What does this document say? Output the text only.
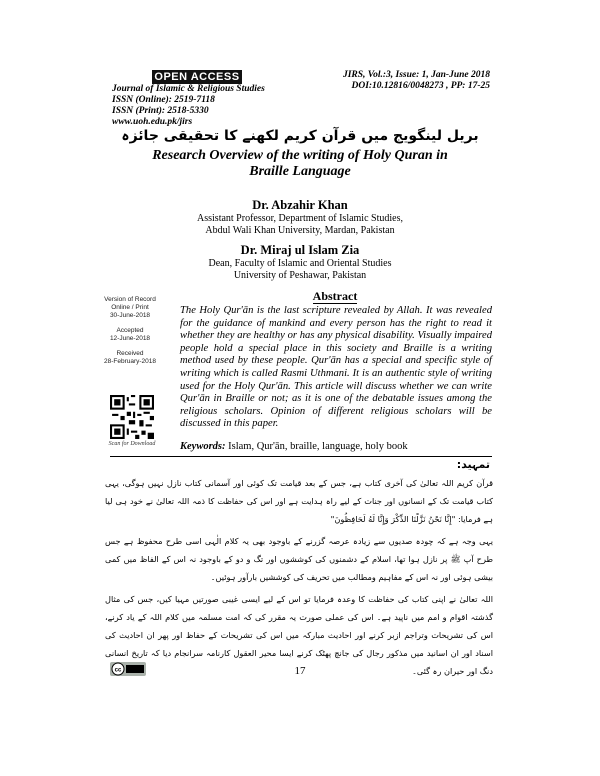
OPEN ACCESS
Journal of Islamic & Religious Studies
ISSN (Online): 2519-7118
ISSN (Print): 2518-5330
www.uoh.edu.pk/jirs
JIRS, Vol.:3, Issue: 1, Jan-June 2018
DOI:10.12816/0048273 , PP: 17-25
بریل لینگویج میں قرآن کریم لکھنے کا تحقیقی جائزہ
Research Overview of the writing of Holy Quran in
Braille Language
Dr. Abzahir Khan
Assistant Professor, Department of Islamic Studies,
Abdul Wali Khan University, Mardan, Pakistan
Dr. Miraj ul Islam Zia
Dean, Faculty of Islamic and Oriental Studies
University of Peshawar, Pakistan
Version of Record
Online / Print
30-June-2018
Accepted
12-June-2018
Received
28-February-2018
Scan for Download
Abstract
The Holy Qur'ān is the last scripture revealed by Allah. It was revealed for the guidance of mankind and every person has the right to read it whether they are healthy or has any physical disability. Visually impaired people hold a special place in this society and Braille is a writing method used by these people. Qur'ān has a special and specific style of writing which is called Rasmi Uthmani. It is an authentic style of writing used for the Holy Qur'ān. This article will discuss whether we can write Qur'ān in Braille or not; as it is one of the debatable issues among the religious scholars. Opinion of different religious scholars will be discussed in this paper.
Keywords: Islam, Qur'ān, braille, language, holy book
تمہید:
قرآن کریم اللہ تعالیٰ کی آخری کتاب ہے، جس کے بعد قیامت تک کوئی اور آسمانی کتاب نازل نہیں ہوگی، یہی کتاب قیامت تک کے انسانوں اور جنات کے لیے راہ ہدایت ہے اور اس کی حفاظت کا ذمہ اللہ تعالیٰ نے خود ہی لیا ہے فرمایا: "إِنَّا نَحْنُ نَزَّلْنَا الذِّكْرَ وَإِنَّا لَهُ لَحَافِظُونَ"
یہی وجہ ہے کہ چودہ صدیوں سے زیادہ عرصہ گزرنے کے باوجود بھی یہ کلام الٰہی اسی طرح محفوظ ہے جس طرح آپ ﷺ پر نازل ہوا تھا، اسلام کے دشمنوں کی کوششوں اور تگ و دو کے باوجود نہ اس کے الفاظ میں کمی بیشی ہوئی اور نہ اس کے مفاہیم ومطالب میں تحریف کی کوششیں بارآور ہوئیں۔
اللہ تعالیٰ نے اپنی کتاب کی حفاظت کا وعدہ فرمایا تو اس کے لیے ایسی غیبی صورتیں مہیا کیں، جس کی مثال گذشتہ اقوام و امم میں ناپید ہے۔ اس کی عملی صورت یہ مقرر کی کہ امت مسلمہ میں کلام اللہ کے یاد کرنے، اس کی تشریحات وتراجم ازبر کرنے اور احادیث مبارکہ میں اس کی تشریحات کے حفاظ اور پھر ان احادیث کی اسناد اور ان اسانید میں مذکور رجال کی جانچ پھٹک کرنے ایسا محیر العقول کارنامہ سرانجام دیا کہ تاریخ انسانی دنگ اور حیران رہ گئی۔
cc	17
